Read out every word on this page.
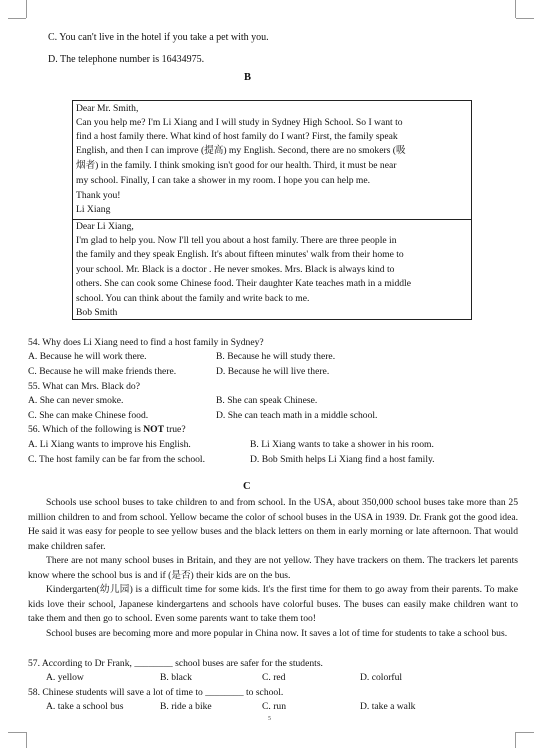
C. You can't live in the hotel if you take a pet with you.
D. The telephone number is 16434975.
B
Dear Mr. Smith,
Can you help me? I'm Li Xiang and I will study in Sydney High School. So I want to
find a host family there. What kind of host family do I want? First, the family speak
English, and then I can improve (提高) my English. Second, there are no smokers (吸
烟者) in the family. I think smoking isn't good for our health. Third, it must be near
my school. Finally, I can take a shower in my room. I hope you can help me.
Thank you!
Li Xiang
Dear Li Xiang,
I'm glad to help you. Now I'll tell you about a host family. There are three people in
the family and they speak English. It's about fifteen minutes' walk from their home to
your school. Mr. Black is a doctor . He never smokes. Mrs. Black is always kind to
others. She can cook some Chinese food. Their daughter Kate teaches math in a middle
school. You can think about the family and write back to me.
Bob Smith
54. Why does Li Xiang need to find a host family in Sydney?
A. Because he will work there.	B. Because he will study there.
C. Because he will make friends there.	D. Because he will live there.
55. What can Mrs. Black do?
A. She can never smoke.	B. She can speak Chinese.
C. She can make Chinese food.	D. She can teach math in a middle school.
56. Which of the following is NOT true?
A. Li Xiang wants to improve his English.	B. Li Xiang wants to take a shower in his room.
C. The host family can be far from the school.	D. Bob Smith helps Li Xiang find a host family.
C
Schools use school buses to take children to and from school. In the USA, about 350,000 school buses take more than 25 million children to and from school. Yellow became the color of school buses in the USA in 1939. Dr. Frank got the good idea. He said it was easy for people to see yellow buses and the black letters on them in early morning or late afternoon. That would make children safer.
There are not many school buses in Britain, and they are not yellow. They have trackers on them. The trackers let parents know where the school bus is and if (是否) their kids are on the bus.
Kindergarten(幼儿园) is a difficult time for some kids. It's the first time for them to go away from their parents. To make kids love their school, Japanese kindergartens and schools have colorful buses. The buses can easily make children want to take them and then go to school. Even some parents want to take them too!
School buses are becoming more and more popular in China now. It saves a lot of time for students to take a school bus.
57. According to Dr Frank, ________ school buses are safer for the students.
A. yellow	B. black	C. red	D. colorful
58. Chinese students will save a lot of time to ________ to school.
A. take a school bus	B. ride a bike	C. run	D. take a walk
5
